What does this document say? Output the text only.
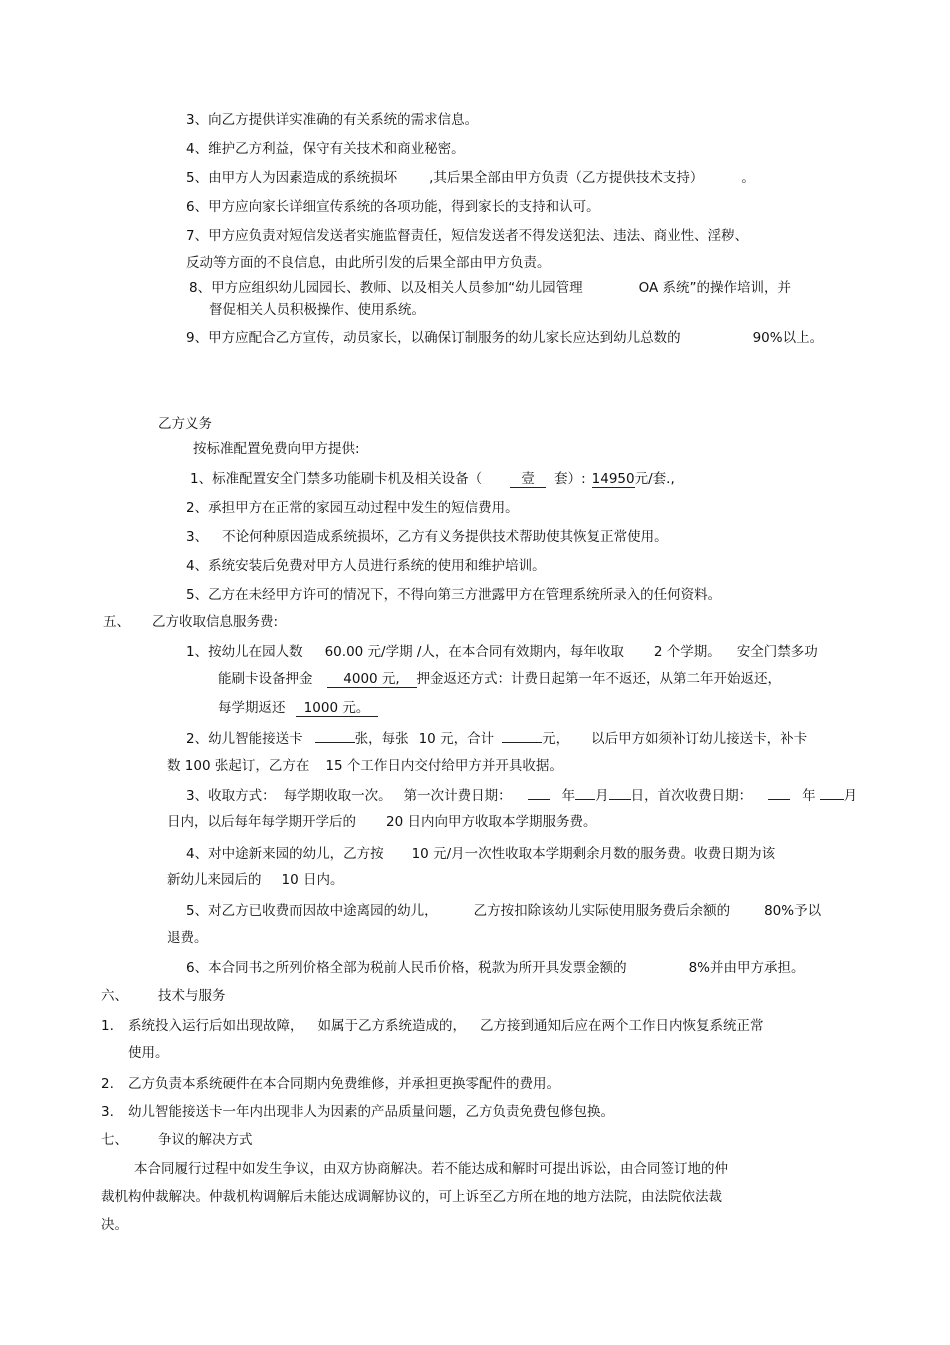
3、向乙方提供详实准确的有关系统的需求信息。
4、维护乙方利益，保守有关技术和商业秘密。
5、由甲方人为因素造成的系统损坏 ,其后果全部由甲方负责（乙方提供技术支持）	。
6、甲方应向家长详细宣传系统的各项功能，得到家长的支持和认可。
7、甲方应负责对短信发送者实施监督责任，短信发送者不得发送犯法、违法、商业性、淫秽、
反动等方面的不良信息，由此所引发的后果全部由甲方负责。
8、甲方应组织幼儿园园长、教师、以及相关人员参加“幼儿园管理	OA 系统”的操作培训，并
督促相关人员积极操作、使用系统。
9、甲方应配合乙方宣传，动员家长，以确保订制服务的幼儿家长应达到幼儿总数的	90%以上。
乙方义务
按标准配置免费向甲方提供:
1、标准配置安全门禁多功能刷卡机及相关设备（	壹 套）: 14950元/套.,
2、承担甲方在正常的家园互动过程中发生的短信费用。
3、 不论何种原因造成系统损坏，乙方有义务提供技术帮助使其恢复正常使用。
4、系统安装后免费对甲方人员进行系统的使用和维护培训。
5、乙方在未经甲方许可的情况下，不得向第三方泄露甲方在管理系统所录入的任何资料。
五、 乙方收取信息服务费:
1、按幼儿在园人数 60.00 元/学期 /人，在本合同有效期内，每年收取 2 个学期。 安全门禁多功
能刷卡设备押金 4000 元, 押金返还方式：计费日起第一年不返还，从第二年开始返还，
每学期返还 1000 元。
2、幼儿智能接送卡	张，每张 10 元，合计	元， 以后甲方如须补订幼儿接送卡，补卡
数 100 张起订，乙方在 15 个工作日内交付给甲方并开具收据。
3、收取方式： 每学期收取一次。 第一次计费日期：	年 月 日，首次收费日期：	年 月
日内，以后每年每学期开学后的 20 日内向甲方收取本学期服务费。
4、对中途新来园的幼儿，乙方按 10 元/月一次性收取本学期剩余月数的服务费。收费日期为该
新幼儿来园后的 10 日内。
5、对乙方已收费而因故中途离园的幼儿，	乙方按扣除该幼儿实际使用服务费后余额的	80%予以
退费。
6、本合同书之所列价格全部为税前人民币价格，税款为所开具发票金额的	8%并由甲方承担。
六、 技术与服务
1. 系统投入运行后如出现故障， 如属于乙方系统造成的， 乙方接到通知后应在两个工作日内恢复系统正常
使用。
2. 乙方负责本系统硬件在本合同期内免费维修，并承担更换零配件的费用。
3. 幼儿智能接送卡一年内出现非人为因素的产品质量问题，乙方负责免费包修包换。
七、 争议的解决方式
本合同履行过程中如发生争议，由双方协商解决。若不能达成和解时可提出诉讼，由合同签订地的仲
裁机构仲裁解决。仲裁机构调解后未能达成调解协议的，可上诉至乙方所在地的地方法院，由法院依法裁
决。
